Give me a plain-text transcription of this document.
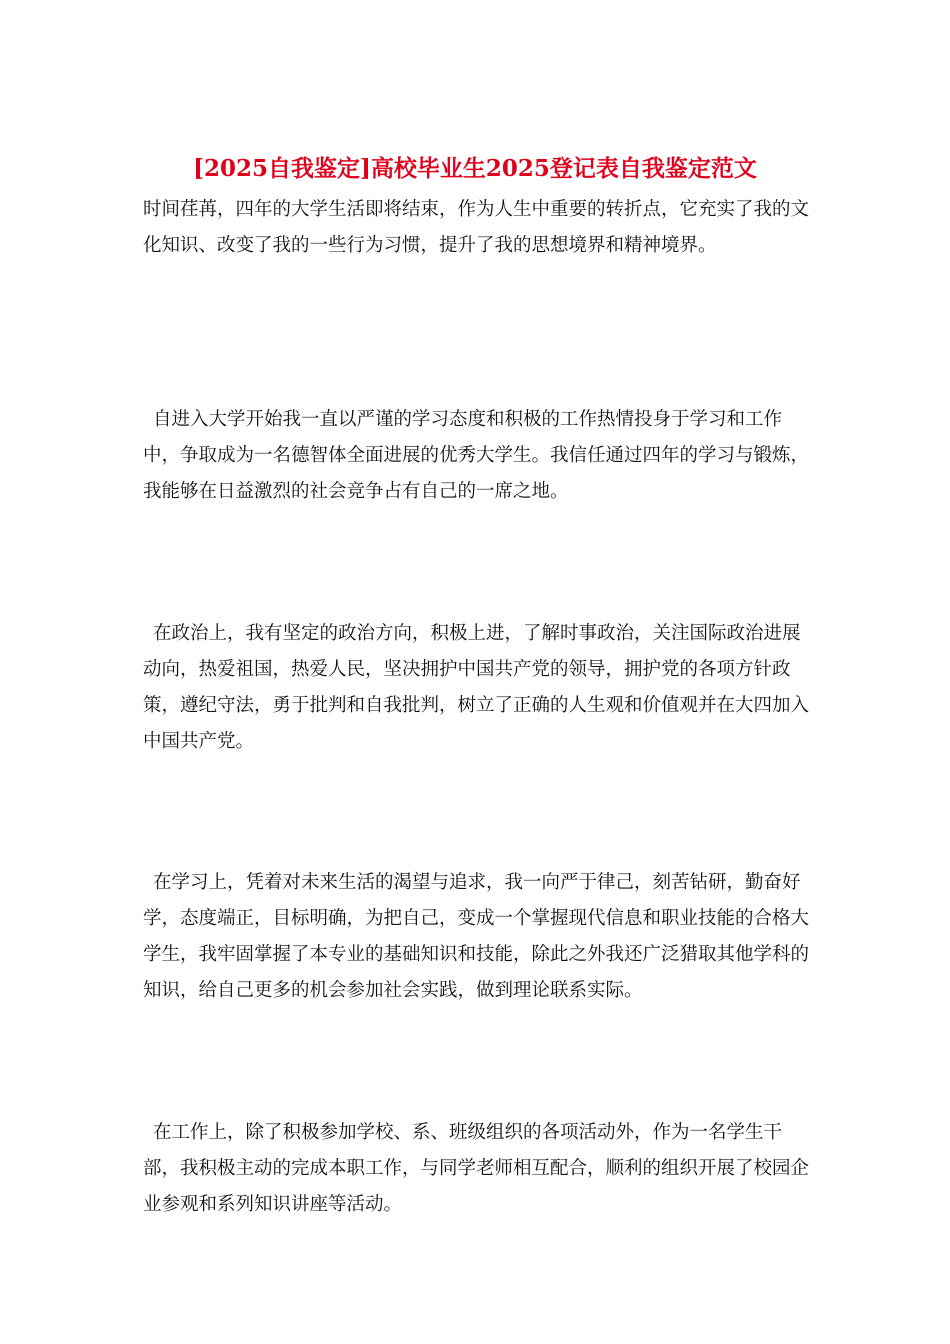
[2025自我鉴定]高校毕业生2025登记表自我鉴定范文

时间荏苒，四年的大学生活即将结束，作为人生中重要的转折点，它充实了我的文化知识、改变了我的一些行为习惯，提升了我的思想境界和精神境界。

自进入大学开始我一直以严谨的学习态度和积极的工作热情投身于学习和工作中，争取成为一名德智体全面进展的优秀大学生。我信任通过四年的学习与锻炼，我能够在日益激烈的社会竞争占有自己的一席之地。

在政治上，我有坚定的政治方向，积极上进，了解时事政治，关注国际政治进展动向，热爱祖国，热爱人民，坚决拥护中国共产党的领导，拥护党的各项方针政策，遵纪守法，勇于批判和自我批判，树立了正确的人生观和价值观并在大四加入中国共产党。

在学习上，凭着对未来生活的渴望与追求，我一向严于律己，刻苦钻研，勤奋好学，态度端正，目标明确，为把自己，变成一个掌握现代信息和职业技能的合格大学生，我牢固掌握了本专业的基础知识和技能，除此之外我还广泛猎取其他学科的知识，给自己更多的机会参加社会实践，做到理论联系实际。

在工作上，除了积极参加学校、系、班级组织的各项活动外，作为一名学生干部，我积极主动的完成本职工作，与同学老师相互配合，顺利的组织开展了校园企业参观和系列知识讲座等活动。
